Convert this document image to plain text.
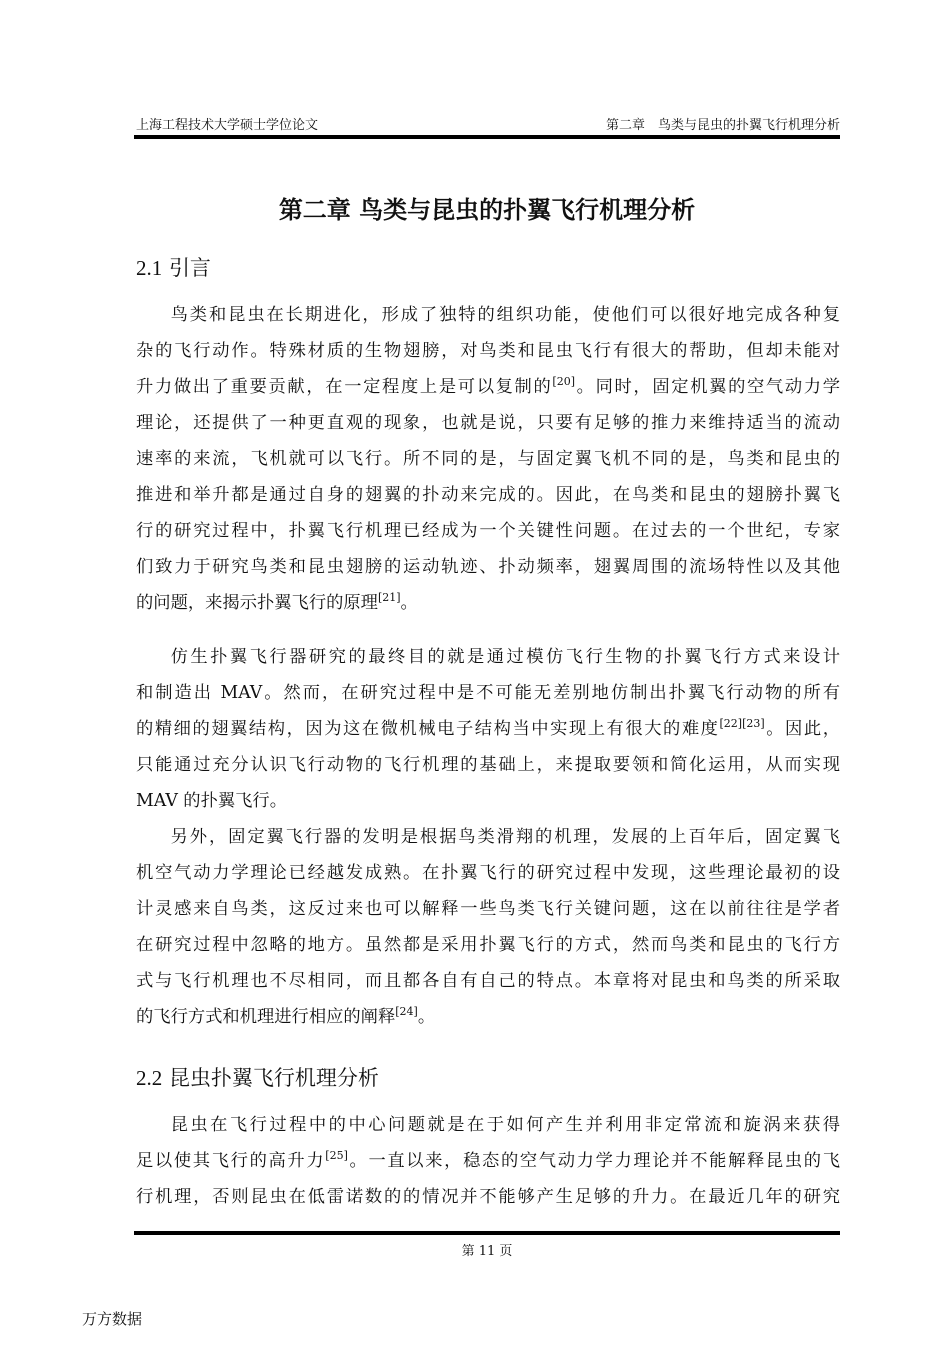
上海工程技术大学硕士学位论文	第二章　鸟类与昆虫的扑翼飞行机理分析
第二章 鸟类与昆虫的扑翼飞行机理分析
2.1 引言
鸟类和昆虫在长期进化，形成了独特的组织功能，使他们可以很好地完成各种复
杂的飞行动作。特殊材质的生物翅膀，对鸟类和昆虫飞行有很大的帮助，但却未能对
升力做出了重要贡献，在一定程度上是可以复制的[20]。同时，固定机翼的空气动力学
理论，还提供了一种更直观的现象，也就是说，只要有足够的推力来维持适当的流动
速率的来流，飞机就可以飞行。所不同的是，与固定翼飞机不同的是，鸟类和昆虫的
推进和举升都是通过自身的翅翼的扑动来完成的。因此，在鸟类和昆虫的翅膀扑翼飞
行的研究过程中，扑翼飞行机理已经成为一个关键性问题。在过去的一个世纪，专家
们致力于研究鸟类和昆虫翅膀的运动轨迹、扑动频率，翅翼周围的流场特性以及其他
的问题，来揭示扑翼飞行的原理[21]。
仿生扑翼飞行器研究的最终目的就是通过模仿飞行生物的扑翼飞行方式来设计
和制造出 MAV。然而，在研究过程中是不可能无差别地仿制出扑翼飞行动物的所有
的精细的翅翼结构，因为这在微机械电子结构当中实现上有很大的难度[22][23]。因此，
只能通过充分认识飞行动物的飞行机理的基础上，来提取要领和简化运用，从而实现
MAV 的扑翼飞行。
另外，固定翼飞行器的发明是根据鸟类滑翔的机理，发展的上百年后，固定翼飞
机空气动力学理论已经越发成熟。在扑翼飞行的研究过程中发现，这些理论最初的设
计灵感来自鸟类，这反过来也可以解释一些鸟类飞行关键问题，这在以前往往是学者
在研究过程中忽略的地方。虽然都是采用扑翼飞行的方式，然而鸟类和昆虫的飞行方
式与飞行机理也不尽相同，而且都各自有自己的特点。本章将对昆虫和鸟类的所采取
的飞行方式和机理进行相应的阐释[24]。
2.2 昆虫扑翼飞行机理分析
昆虫在飞行过程中的中心问题就是在于如何产生并利用非定常流和旋涡来获得
足以使其飞行的高升力[25]。一直以来，稳态的空气动力学力理论并不能解释昆虫的飞
行机理，否则昆虫在低雷诺数的的情况并不能够产生足够的升力。在最近几年的研究
第 11 页
万方数据
